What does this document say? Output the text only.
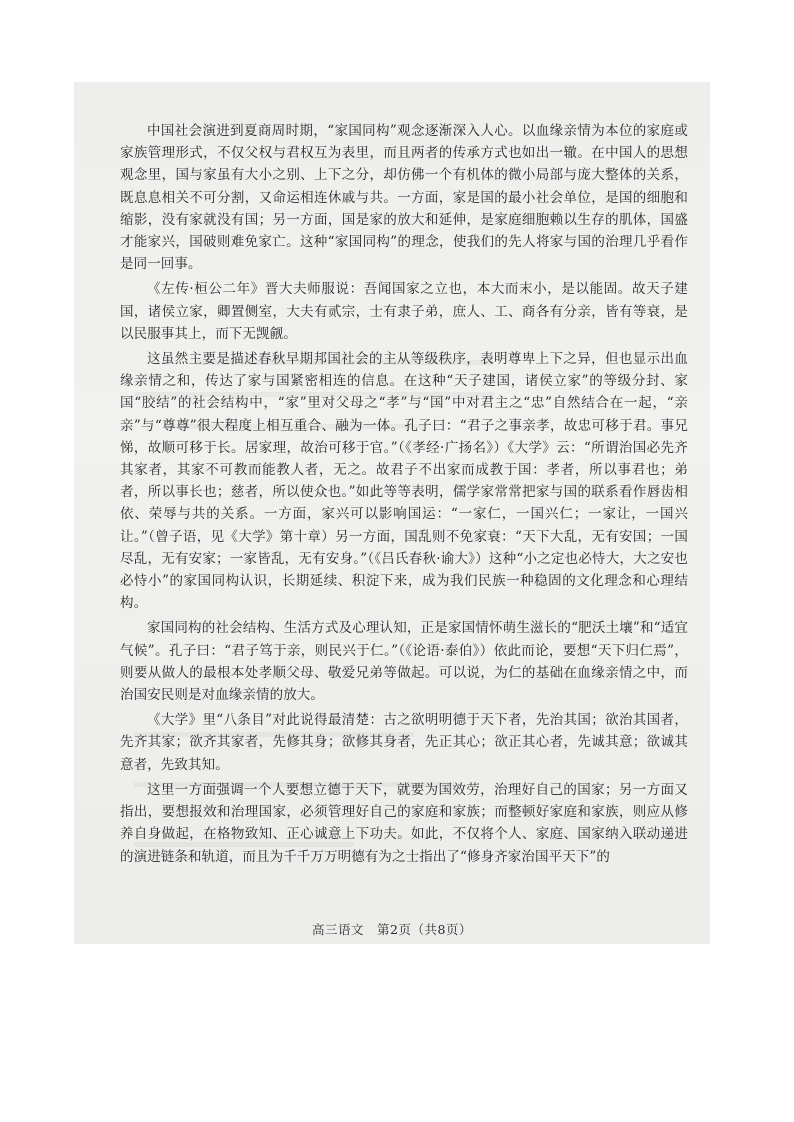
中国社会演进到夏商周时期，“家国同构”观念逐渐深入人心。以血缘亲情为本位的家庭或家族管理形式，不仅父权与君权互为表里，而且两者的传承方式也如出一辙。在中国人的思想观念里，国与家虽有大小之别、上下之分，却仿佛一个有机体的微小局部与庞大整体的关系，既息息相关不可分割，又命运相连休戚与共。一方面，家是国的最小社会单位，是国的细胞和缩影，没有家就没有国；另一方面，国是家的放大和延伸，是家庭细胞赖以生存的肌体，国盛才能家兴，国破则难免家亡。这种“家国同构”的理念，使我们的先人将家与国的治理几乎看作是同一回事。

《左传·桓公二年》晋大夫师服说：吾闻国家之立也，本大而末小，是以能固。故天子建国，诸侯立家，卿置侧室，大夫有贰宗，士有隶子弟，庶人、工、商各有分亲，皆有等衰，是以民服事其上，而下无觊觎。

这虽然主要是描述春秋早期邦国社会的主从等级秩序，表明尊卑上下之异，但也显示出血缘亲情之和，传达了家与国紧密相连的信息。在这种“天子建国，诸侯立家”的等级分封、家国“胶结”的社会结构中，“家”里对父母之“孝”与“国”中对君主之“忠”自然结合在一起，“亲亲”与“尊尊”很大程度上相互重合、融为一体。孔子曰：“君子之事亲孝，故忠可移于君。事兄悌，故顺可移于长。居家理，故治可移于官。”（《孝经·广扬名》）《大学》云：“所谓治国必先齐其家者，其家不可教而能教人者，无之。故君子不出家而成教于国：孝者，所以事君也；弟者，所以事长也；慈者，所以使众也。”如此等等表明，儒学家常常把家与国的联系看作唇齿相依、荣辱与共的关系。一方面，家兴可以影响国运：“一家仁，一国兴仁；一家让，一国兴让。”（曾子语，见《大学》第十章）另一方面，国乱则不免家衰：“天下大乱，无有安国；一国尽乱，无有安家；一家皆乱，无有安身。”（《吕氏春秋·谕大》）这种“小之定也必恃大，大之安也必恃小”的家国同构认识，长期延续、积淀下来，成为我们民族一种稳固的文化理念和心理结构。

家国同构的社会结构、生活方式及心理认知，正是家国情怀萌生滋长的“肥沃土壤”和“适宜气候”。孔子曰：“君子笃于亲，则民兴于仁。”（《论语·泰伯》）依此而论，要想“天下归仁焉”，则要从做人的最根本处孝顺父母、敬爱兄弟等做起。可以说，为仁的基础在血缘亲情之中，而治国安民则是对血缘亲情的放大。

《大学》里“八条目”对此说得最清楚：古之欲明明德于天下者，先治其国；欲治其国者，先齐其家；欲齐其家者，先修其身；欲修其身者，先正其心；欲正其心者，先诚其意；欲诚其意者，先致其知。

这里一方面强调一个人要想立德于天下，就要为国效劳，治理好自己的国家；另一方面又指出，要想报效和治理国家，必须管理好自己的家庭和家族；而整顿好家庭和家族，则应从修养自身做起，在格物致知、正心诚意上下功夫。如此，不仅将个人、家庭、国家纳入联动递进的演进链条和轨道，而且为千千万万明德有为之士指出了“修身齐家治国平天下”的

高三语文　第2页（共8页）
